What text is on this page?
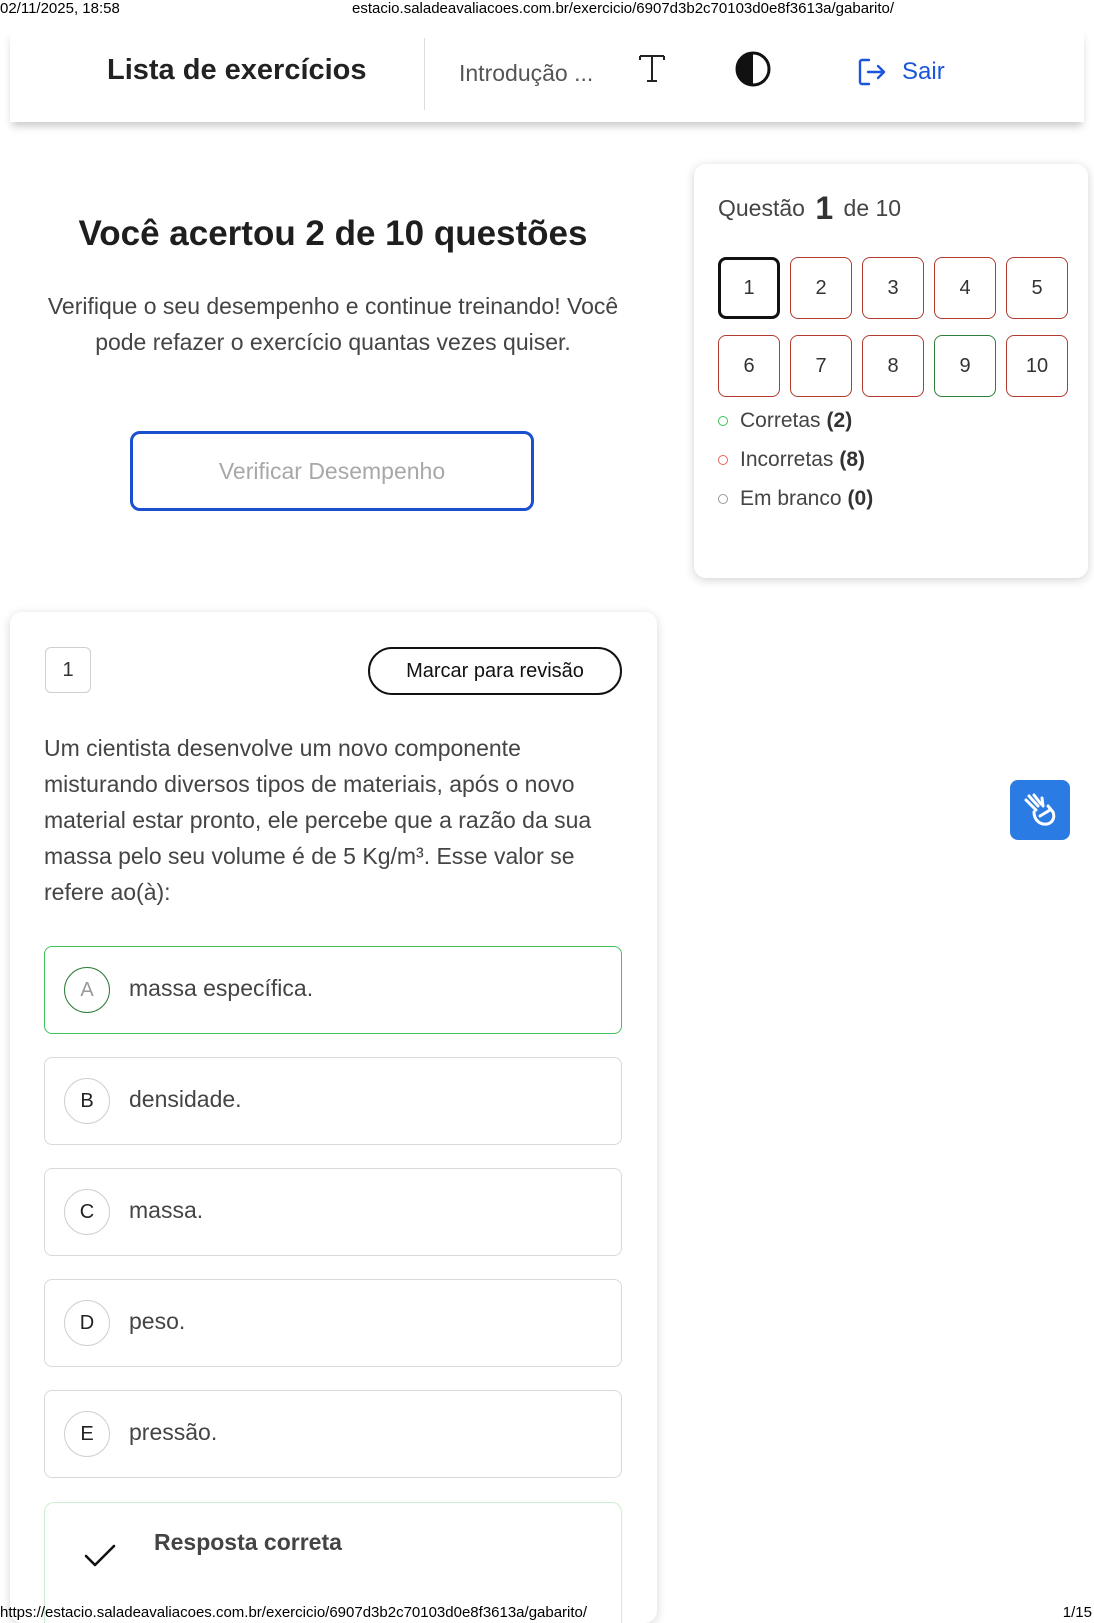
02/11/2025, 18:58	estacio.saladeavaliacoes.com.br/exercicio/6907d3b2c70103d0e8f3613a/gabarito/
Lista de exercícios	Introdução ...	Sair
Você acertou 2 de 10 questões
Verifique o seu desempenho e continue treinando! Você pode refazer o exercício quantas vezes quiser.
Verificar Desempenho
Questão 1 de 10
1	2	3	4	5
6	7	8	9	10
Corretas (2)
Incorretas (8)
Em branco (0)
1	Marcar para revisão
Um cientista desenvolve um novo componente misturando diversos tipos de materiais, após o novo material estar pronto, ele percebe que a razão da sua massa pelo seu volume é de 5 Kg/m³. Esse valor se refere ao(à):
A	massa específica.
B	densidade.
C	massa.
D	peso.
E	pressão.
Resposta correta
https://estacio.saladeavaliacoes.com.br/exercicio/6907d3b2c70103d0e8f3613a/gabarito/	1/15
